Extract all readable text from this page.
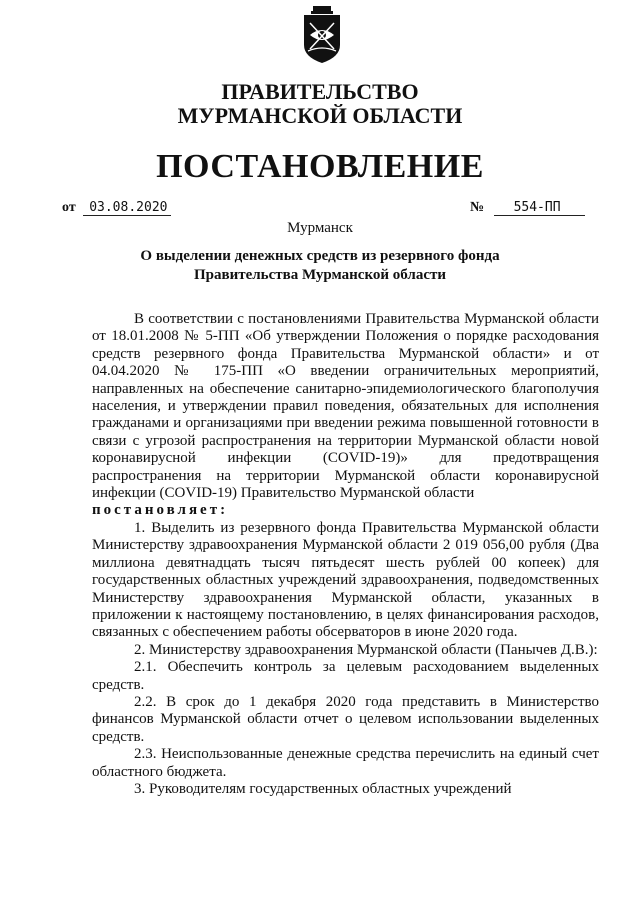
ПРАВИТЕЛЬСТВО
МУРМАНСКОЙ ОБЛАСТИ
ПОСТАНОВЛЕНИЕ
от 03.08.2020	№ 554-ПП
Мурманск
О выделении денежных средств из резервного фонда
Правительства Мурманской области

В соответствии с постановлениями Правительства Мурманской области от 18.01.2008 № 5-ПП «Об утверждении Положения о порядке расходования средств резервного фонда Правительства Мурманской области» и от 04.04.2020 № 175-ПП «О введении ограничительных мероприятий, направленных на обеспечение санитарно-эпидемиологического благополучия населения, и утверждении правил поведения, обязательных для исполнения гражданами и организациями при введении режима повышенной готовности в связи с угрозой распространения на территории Мурманской области новой коронавирусной инфекции (COVID-19)» для предотвращения распространения на территории Мурманской области коронавирусной инфекции (COVID-19) Правительство Мурманской области

постановляет:

1. Выделить из резервного фонда Правительства Мурманской области Министерству здравоохранения Мурманской области 2 019 056,00 рубля (Два миллиона девятнадцать тысяч пятьдесят шесть рублей 00 копеек) для государственных областных учреждений здравоохранения, подведомственных Министерству здравоохранения Мурманской области, указанных в приложении к настоящему постановлению, в целях финансирования расходов, связанных с обеспечением работы обсерваторов в июне 2020 года.

2. Министерству здравоохранения Мурманской области (Панычев Д.В.):

2.1. Обеспечить контроль за целевым расходованием выделенных средств.

2.2. В срок до 1 декабря 2020 года представить в Министерство финансов Мурманской области отчет о целевом использовании выделенных средств.

2.3. Неиспользованные денежные средства перечислить на единый счет областного бюджета.

3. Руководителям государственных областных учреждений
